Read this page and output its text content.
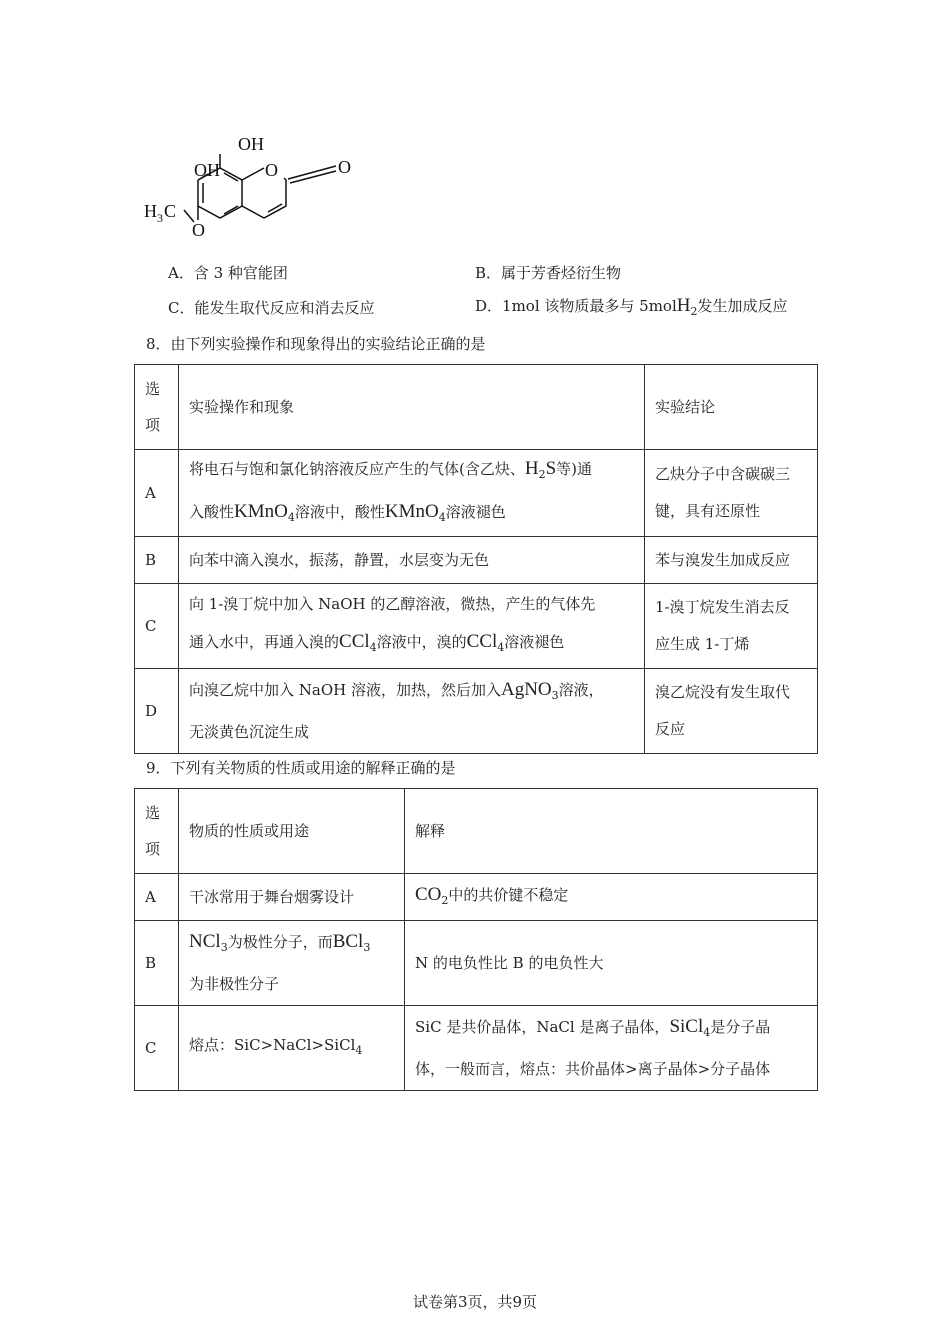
OH
OH	O	O
H 3 C
O
A．含 3 种官能团	B．属于芳香烃衍生物
C．能发生取代反应和消去反应	D．1mol 该物质最多与 5molH$_2$发生加成反应
8．由下列实验操作和现象得出的实验结论正确的是
选
项	实验操作和现象	实验结论
A	将电石与饱和氯化钠溶液反应产生的气体(含乙炔、$H_2S$等)通
入酸性KMnO$_4$溶液中，酸性KMnO$_4$溶液褪色	乙炔分子中含碳碳三
键，具有还原性
B	向苯中滴入溴水，振荡，静置，水层变为无色	苯与溴发生加成反应
C	向 1-溴丁烷中加入 NaOH 的乙醇溶液，微热，产生的气体先
通入水中，再通入溴的CCl$_4$溶液中，溴的CCl$_4$溶液褪色	1-溴丁烷发生消去反
应生成 1-丁烯
D	向溴乙烷中加入 NaOH 溶液，加热，然后加入AgNO$_3$溶液，
无淡黄色沉淀生成	溴乙烷没有发生取代
反应
9．下列有关物质的性质或用途的解释正确的是
选
项	物质的性质或用途	解释
A	干冰常用于舞台烟雾设计	$CO_2$中的共价键不稳定
B	NCl$_3$为极性分子，而BCl$_3$
为非极性分子	N 的电负性比 B 的电负性大
C	熔点：SiC>NaCl>SiCl$_4$	SiC 是共价晶体，NaCl 是离子晶体，SiCl$_4$是分子晶
体，一般而言，熔点：共价晶体>离子晶体>分子晶体
试卷第3页，共9页
